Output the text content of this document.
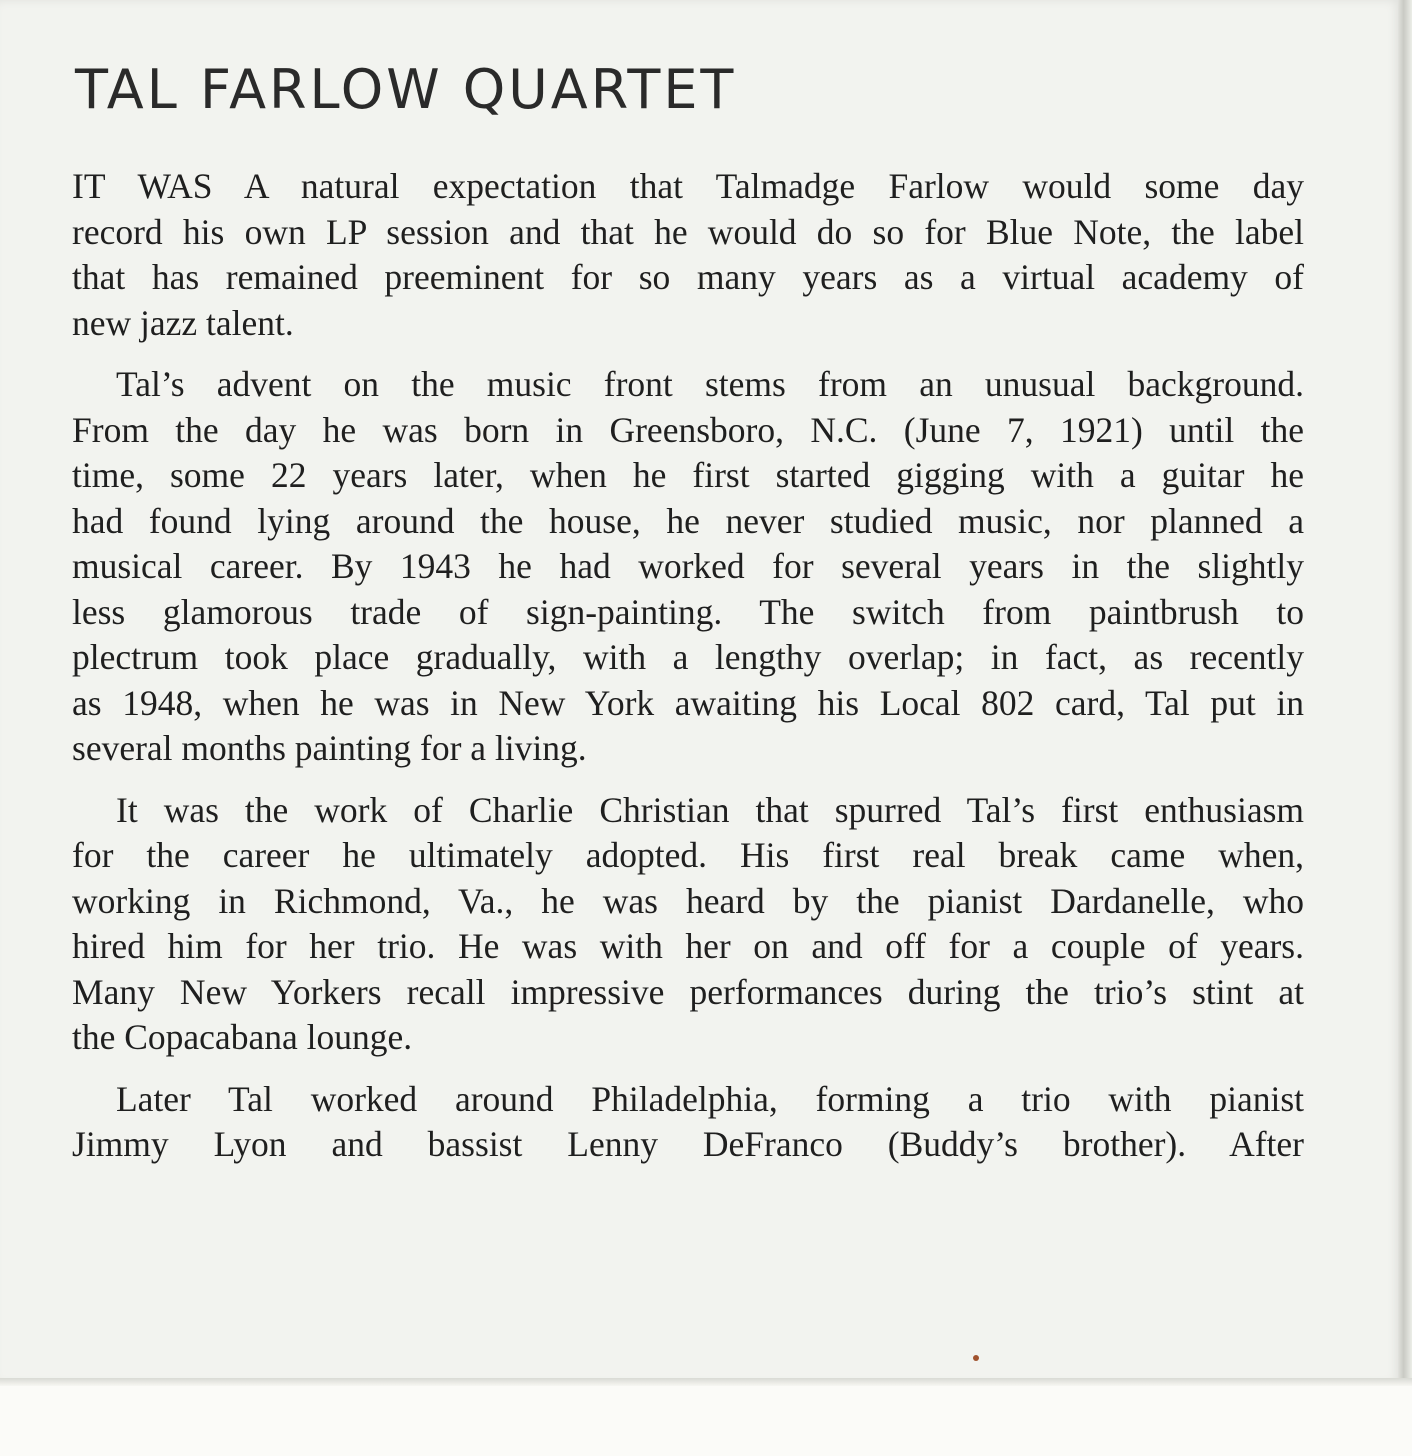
TAL FARLOW QUARTET

IT WAS A natural expectation that Talmadge Farlow would some day
record his own LP session and that he would do so for Blue Note, the label
that has remained preeminent for so many years as a virtual academy of
new jazz talent.

Tal’s advent on the music front stems from an unusual background.
From the day he was born in Greensboro, N.C. (June 7, 1921) until the
time, some 22 years later, when he first started gigging with a guitar he
had found lying around the house, he never studied music, nor planned a
musical career. By 1943 he had worked for several years in the slightly
less glamorous trade of sign-painting. The switch from paintbrush to
plectrum took place gradually, with a lengthy overlap; in fact, as recently
as 1948, when he was in New York awaiting his Local 802 card, Tal put in
several months painting for a living.

It was the work of Charlie Christian that spurred Tal’s first enthusiasm
for the career he ultimately adopted. His first real break came when,
working in Richmond, Va., he was heard by the pianist Dardanelle, who
hired him for her trio. He was with her on and off for a couple of years.
Many New Yorkers recall impressive performances during the trio’s stint at
the Copacabana lounge.

Later Tal worked around Philadelphia, forming a trio with pianist
Jimmy Lyon and bassist Lenny DeFranco (Buddy’s brother). After
